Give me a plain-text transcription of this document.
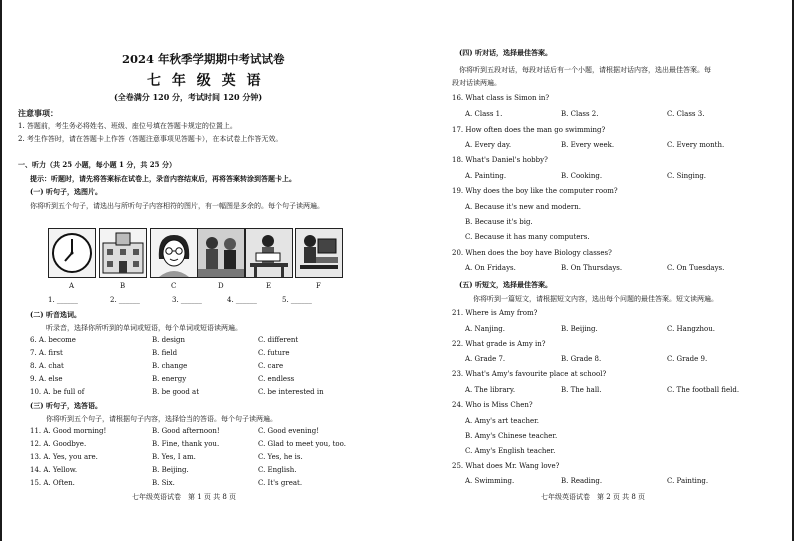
2024 年秋季学期期中考试试卷
七 年 级 英 语
(全卷满分 120 分，考试时间 120 分钟)
注意事项：
1. 答题前，考生务必将姓名、班级、座位号填在答题卡规定的位置上。
2. 考生作答时，请在答题卡上作答（答题注意事项见答题卡），在本试卷上作答无效。
一、听力（共 25 小题，每小题 1 分，共 25 分）
提示：听题时，请先将答案标在试卷上，录音内容结束后，再将答案转涂到答题卡上。
(一) 听句子，选图片。
你将听到五个句子，请选出与所听句子内容相符的图片，有一幅图是多余的。每个句子读两遍。
A	B	C	D	E	F
1. ______	2. ______	3. ______	4. ______	5. ______
(二) 听音选词。
听录音，选择你所听到的单词或短语，每个单词或短语读两遍。
6. A. become	B. design	C. different
7. A. first	B. field	C. future
8. A. chat	B. change	C. care
9. A. else	B. energy	C. endless
10. A. be full of	B. be good at	C. be interested in
(三) 听句子，选答语。
你将听到五个句子，请根据句子内容，选择恰当的答语。每个句子读两遍。
11. A. Good morning!	B. Good afternoon!	C. Good evening!
12. A. Goodbye.	B. Fine, thank you.	C. Glad to meet you, too.
13. A. Yes, you are.	B. Yes, I am.	C. Yes, he is.
14. A. Yellow.	B. Beijing.	C. English.
15. A. Often.	B. Six.	C. It's great.
七年级英语试卷　第 1 页 共 8 页
(四) 听对话，选择最佳答案。
你将听到五段对话，每段对话后有一个小题，请根据对话内容，选出最佳答案。每
段对话读两遍。
16. What class is Simon in?
A. Class 1.	B. Class 2.	C. Class 3.
17. How often does the man go swimming?
A. Every day.	B. Every week.	C. Every month.
18. What's Daniel's hobby?
A. Painting.	B. Cooking.	C. Singing.
19. Why does the boy like the computer room?
A. Because it's new and modern.
B. Because it's big.
C. Because it has many computers.
20. When does the boy have Biology classes?
A. On Fridays.	B. On Thursdays.	C. On Tuesdays.
(五) 听短文，选择最佳答案。
你将听到一篇短文，请根据短文内容，选出每个问题的最佳答案。短文读两遍。
21. Where is Amy from?
A. Nanjing.	B. Beijing.	C. Hangzhou.
22. What grade is Amy in?
A. Grade 7.	B. Grade 8.	C. Grade 9.
23. What's Amy's favourite place at school?
A. The library.	B. The hall.	C. The football field.
24. Who is Miss Chen?
A. Amy's art teacher.
B. Amy's Chinese teacher.
C. Amy's English teacher.
25. What does Mr. Wang love?
A. Swimming.	B. Reading.	C. Painting.
七年级英语试卷　第 2 页 共 8 页
